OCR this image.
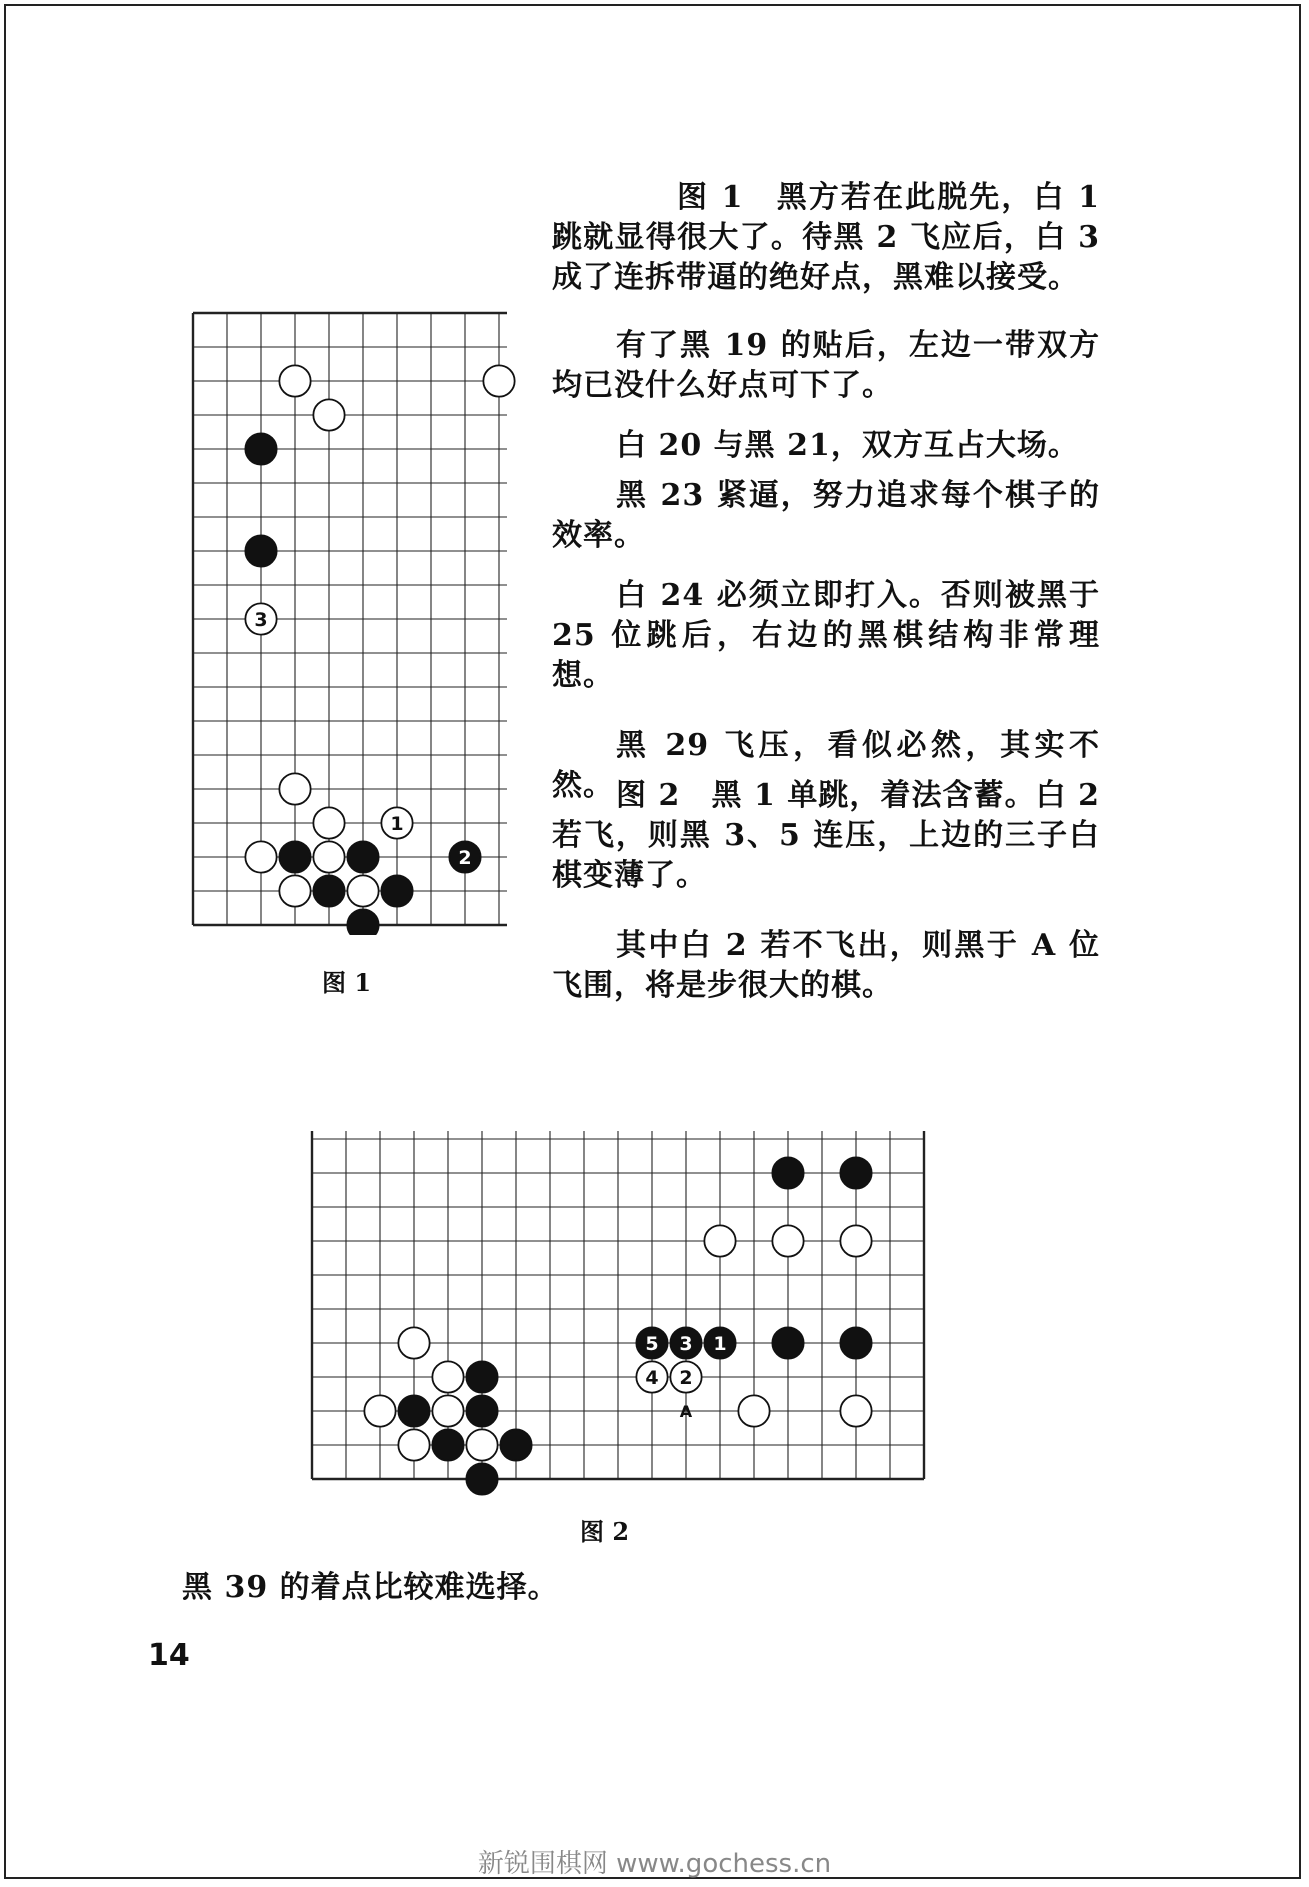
图 1　黑方若在此脱先，白 1 跳就显得很大了。待黑 2 飞应后，白 3 成了连拆带逼的绝好点，黑难以接受。

有了黑 19 的贴后，左边一带双方均已没什么好点可下了。

白 20 与黑 21，双方互占大场。

黑 23 紧逼，努力追求每个棋子的效率。

白 24 必须立即打入。否则被黑于 25 位跳后，右边的黑棋结构非常理想。

黑 29 飞压，看似必然，其实不然。 图 2　黑 1 单跳，着法含蓄。白 2 若飞，则黑 3、5 连压，上边的三子白棋变薄了。

其中白 2 若不飞出，则黑于 A 位飞围，将是步很大的棋。

3
1
2
图 1
5 3 1
4 2
A
图 2
黑 39 的着点比较难选择。
14
新锐围棋网 www.gochess.cn
